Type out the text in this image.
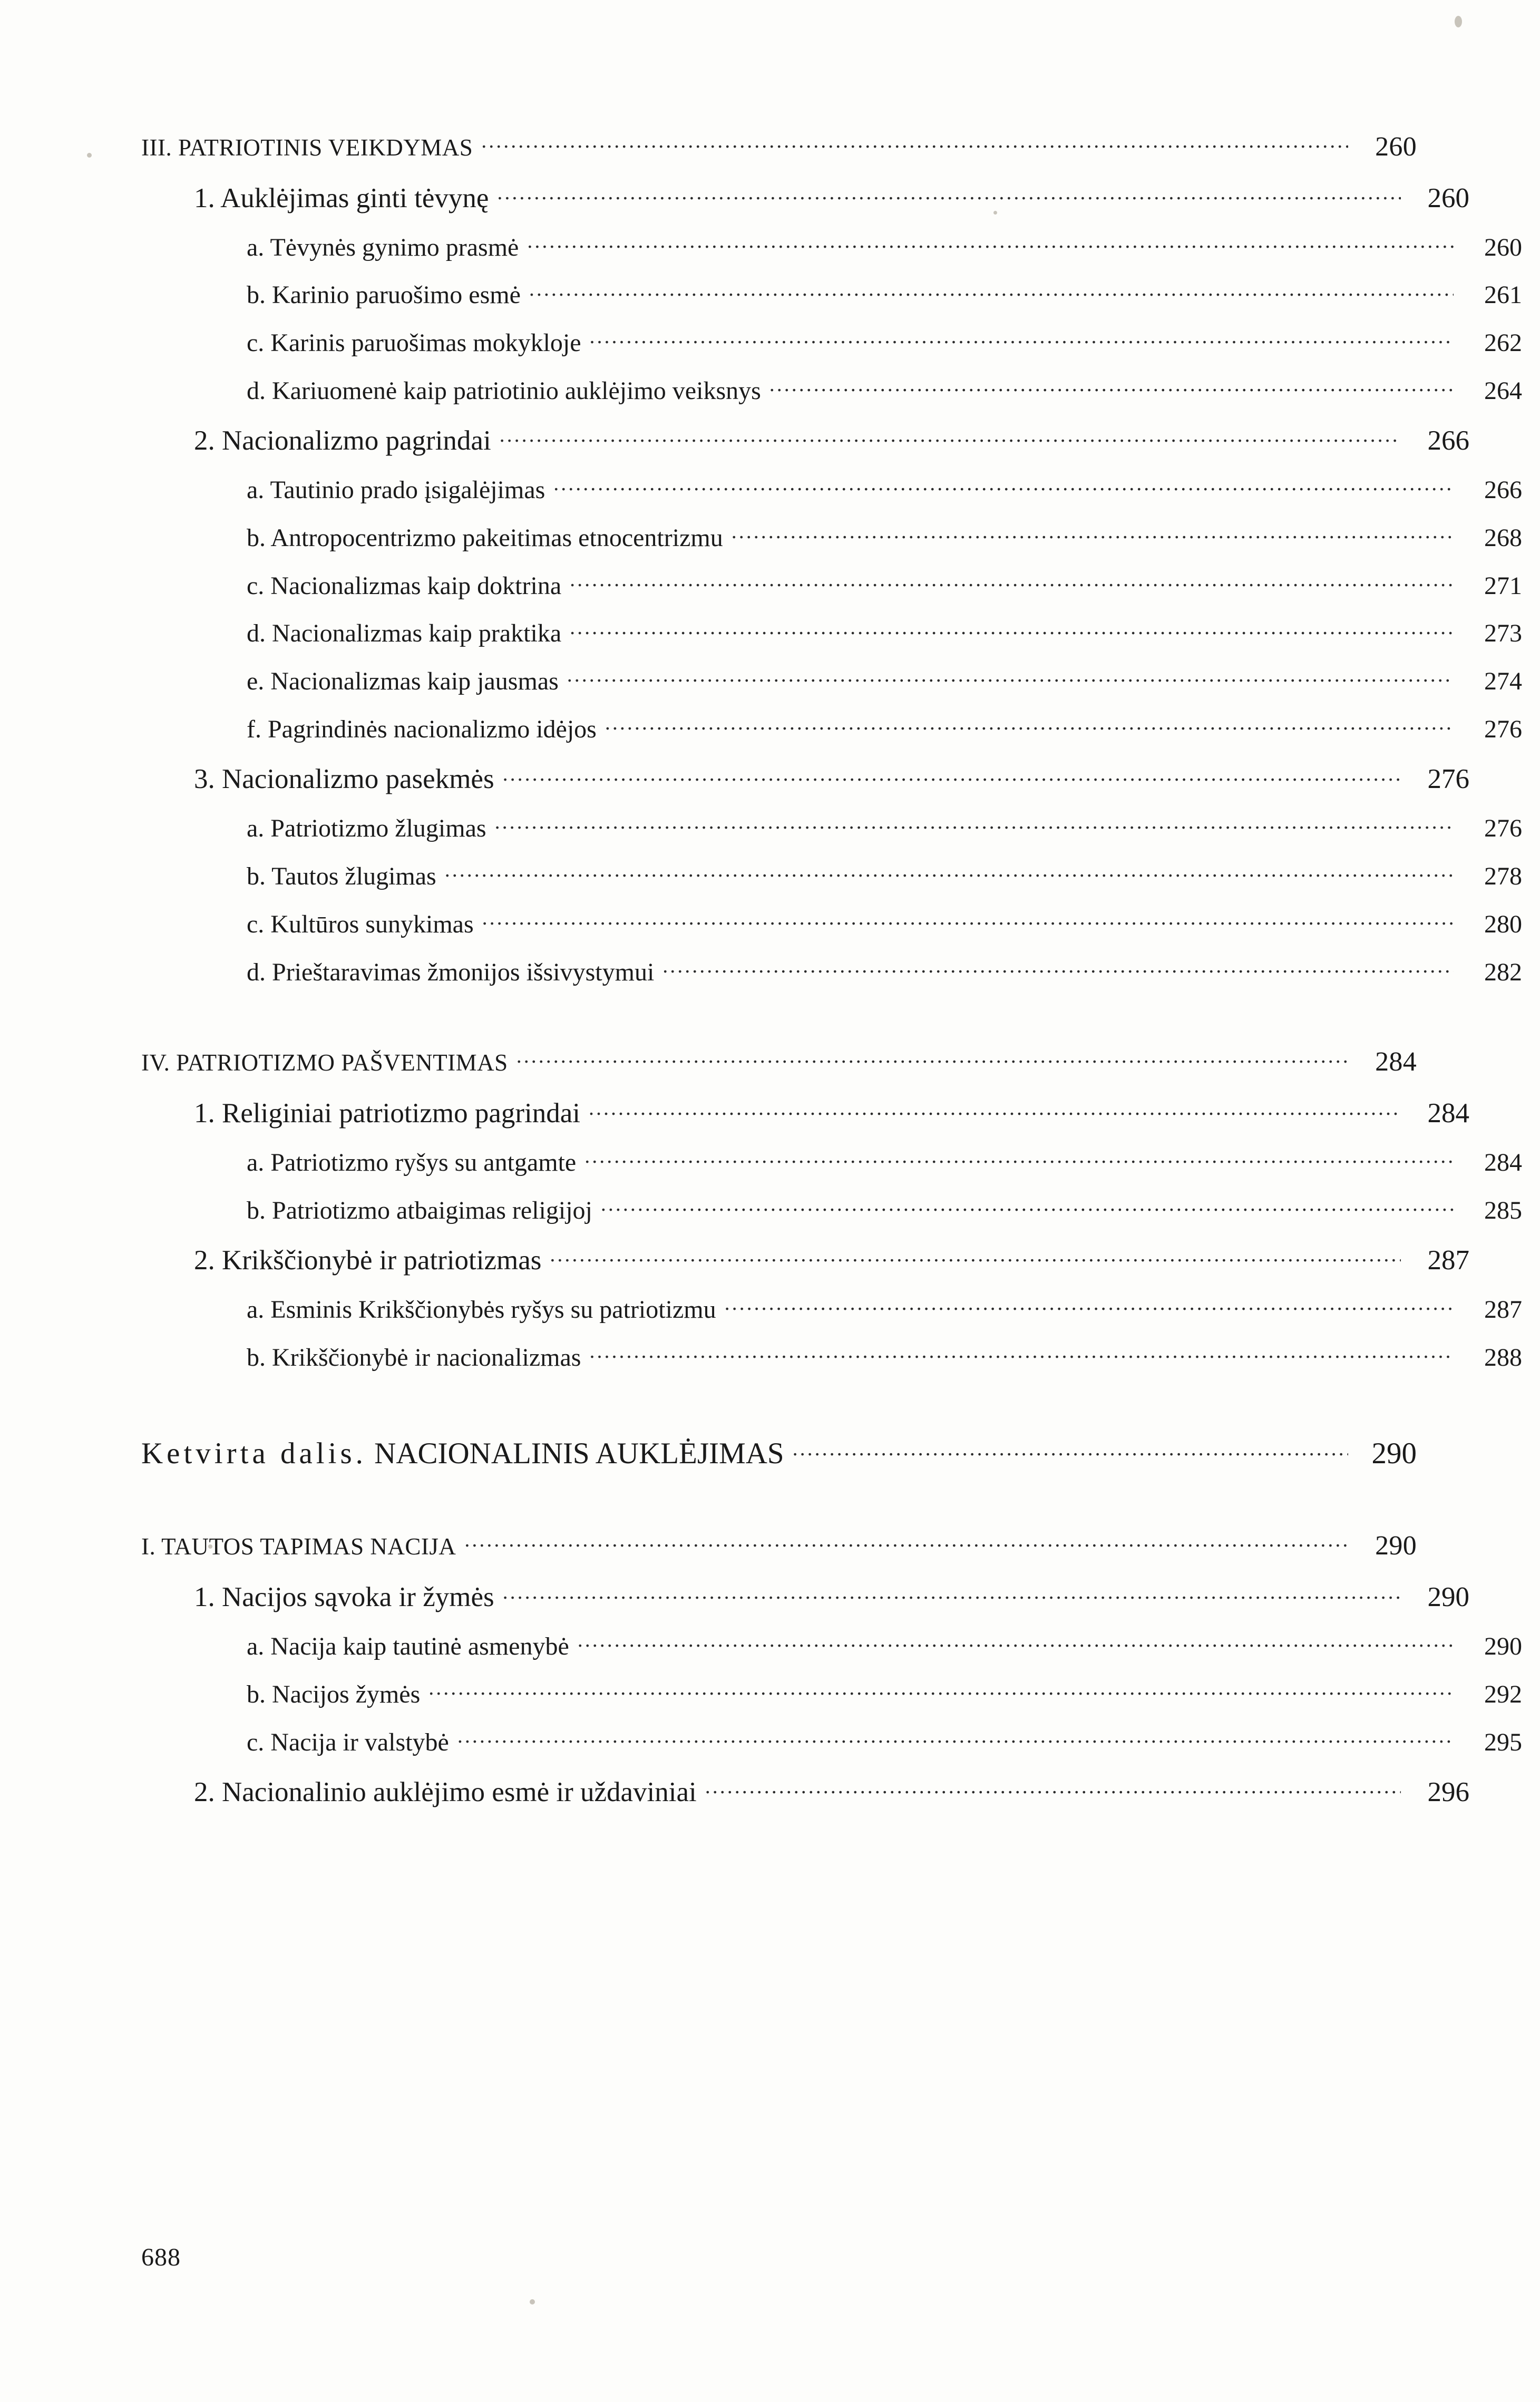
III. PATRIOTINIS VEIKDYMAS .....	260
1. Auklėjimas ginti tėvynę .....	260
a. Tėvynės gynimo prasmė .....	260
b. Karinio paruošimo esmė .....	261
c. Karinis paruošimas mokykloje .....	262
d. Kariuomenė kaip patriotinio auklėjimo veiksnys .....	264
2. Nacionalizmo pagrindai .....	266
a. Tautinio prado įsigalėjimas .....	266
b. Antropocentrizmo pakeitimas etnocentrizmu .....	268
c. Nacionalizmas kaip doktrina .....	271
d. Nacionalizmas kaip praktika .....	273
e. Nacionalizmas kaip jausmas .....	274
f. Pagrindinės nacionalizmo idėjos .....	276
3. Nacionalizmo pasekmės .....	276
a. Patriotizmo žlugimas .....	276
b. Tautos žlugimas .....	278
c. Kultūros sunykimas .....	280
d. Prieštaravimas žmonijos išsivystymui .....	282
IV. PATRIOTIZMO PAŠVENTIMAS .....	284
1. Religiniai patriotizmo pagrindai .....	284
a. Patriotizmo ryšys su antgamte .....	284
b. Patriotizmo atbaigimas religijoj .....	285
2. Krikščionybė ir patriotizmas .....	287
a. Esminis Krikščionybės ryšys su patriotizmu .....	287
b. Krikščionybė ir nacionalizmas .....	288
Ketvirta dalis. NACIONALINIS AUKLĖJIMAS .....	290
I. TAUTOS TAPIMAS NACIJA .....	290
1. Nacijos sąvoka ir žymės .....	290
a. Nacija kaip tautinė asmenybė .....	290
b. Nacijos žymės .....	292
c. Nacija ir valstybė .....	295
2. Nacionalinio auklėjimo esmė ir uždaviniai .....	296
688
